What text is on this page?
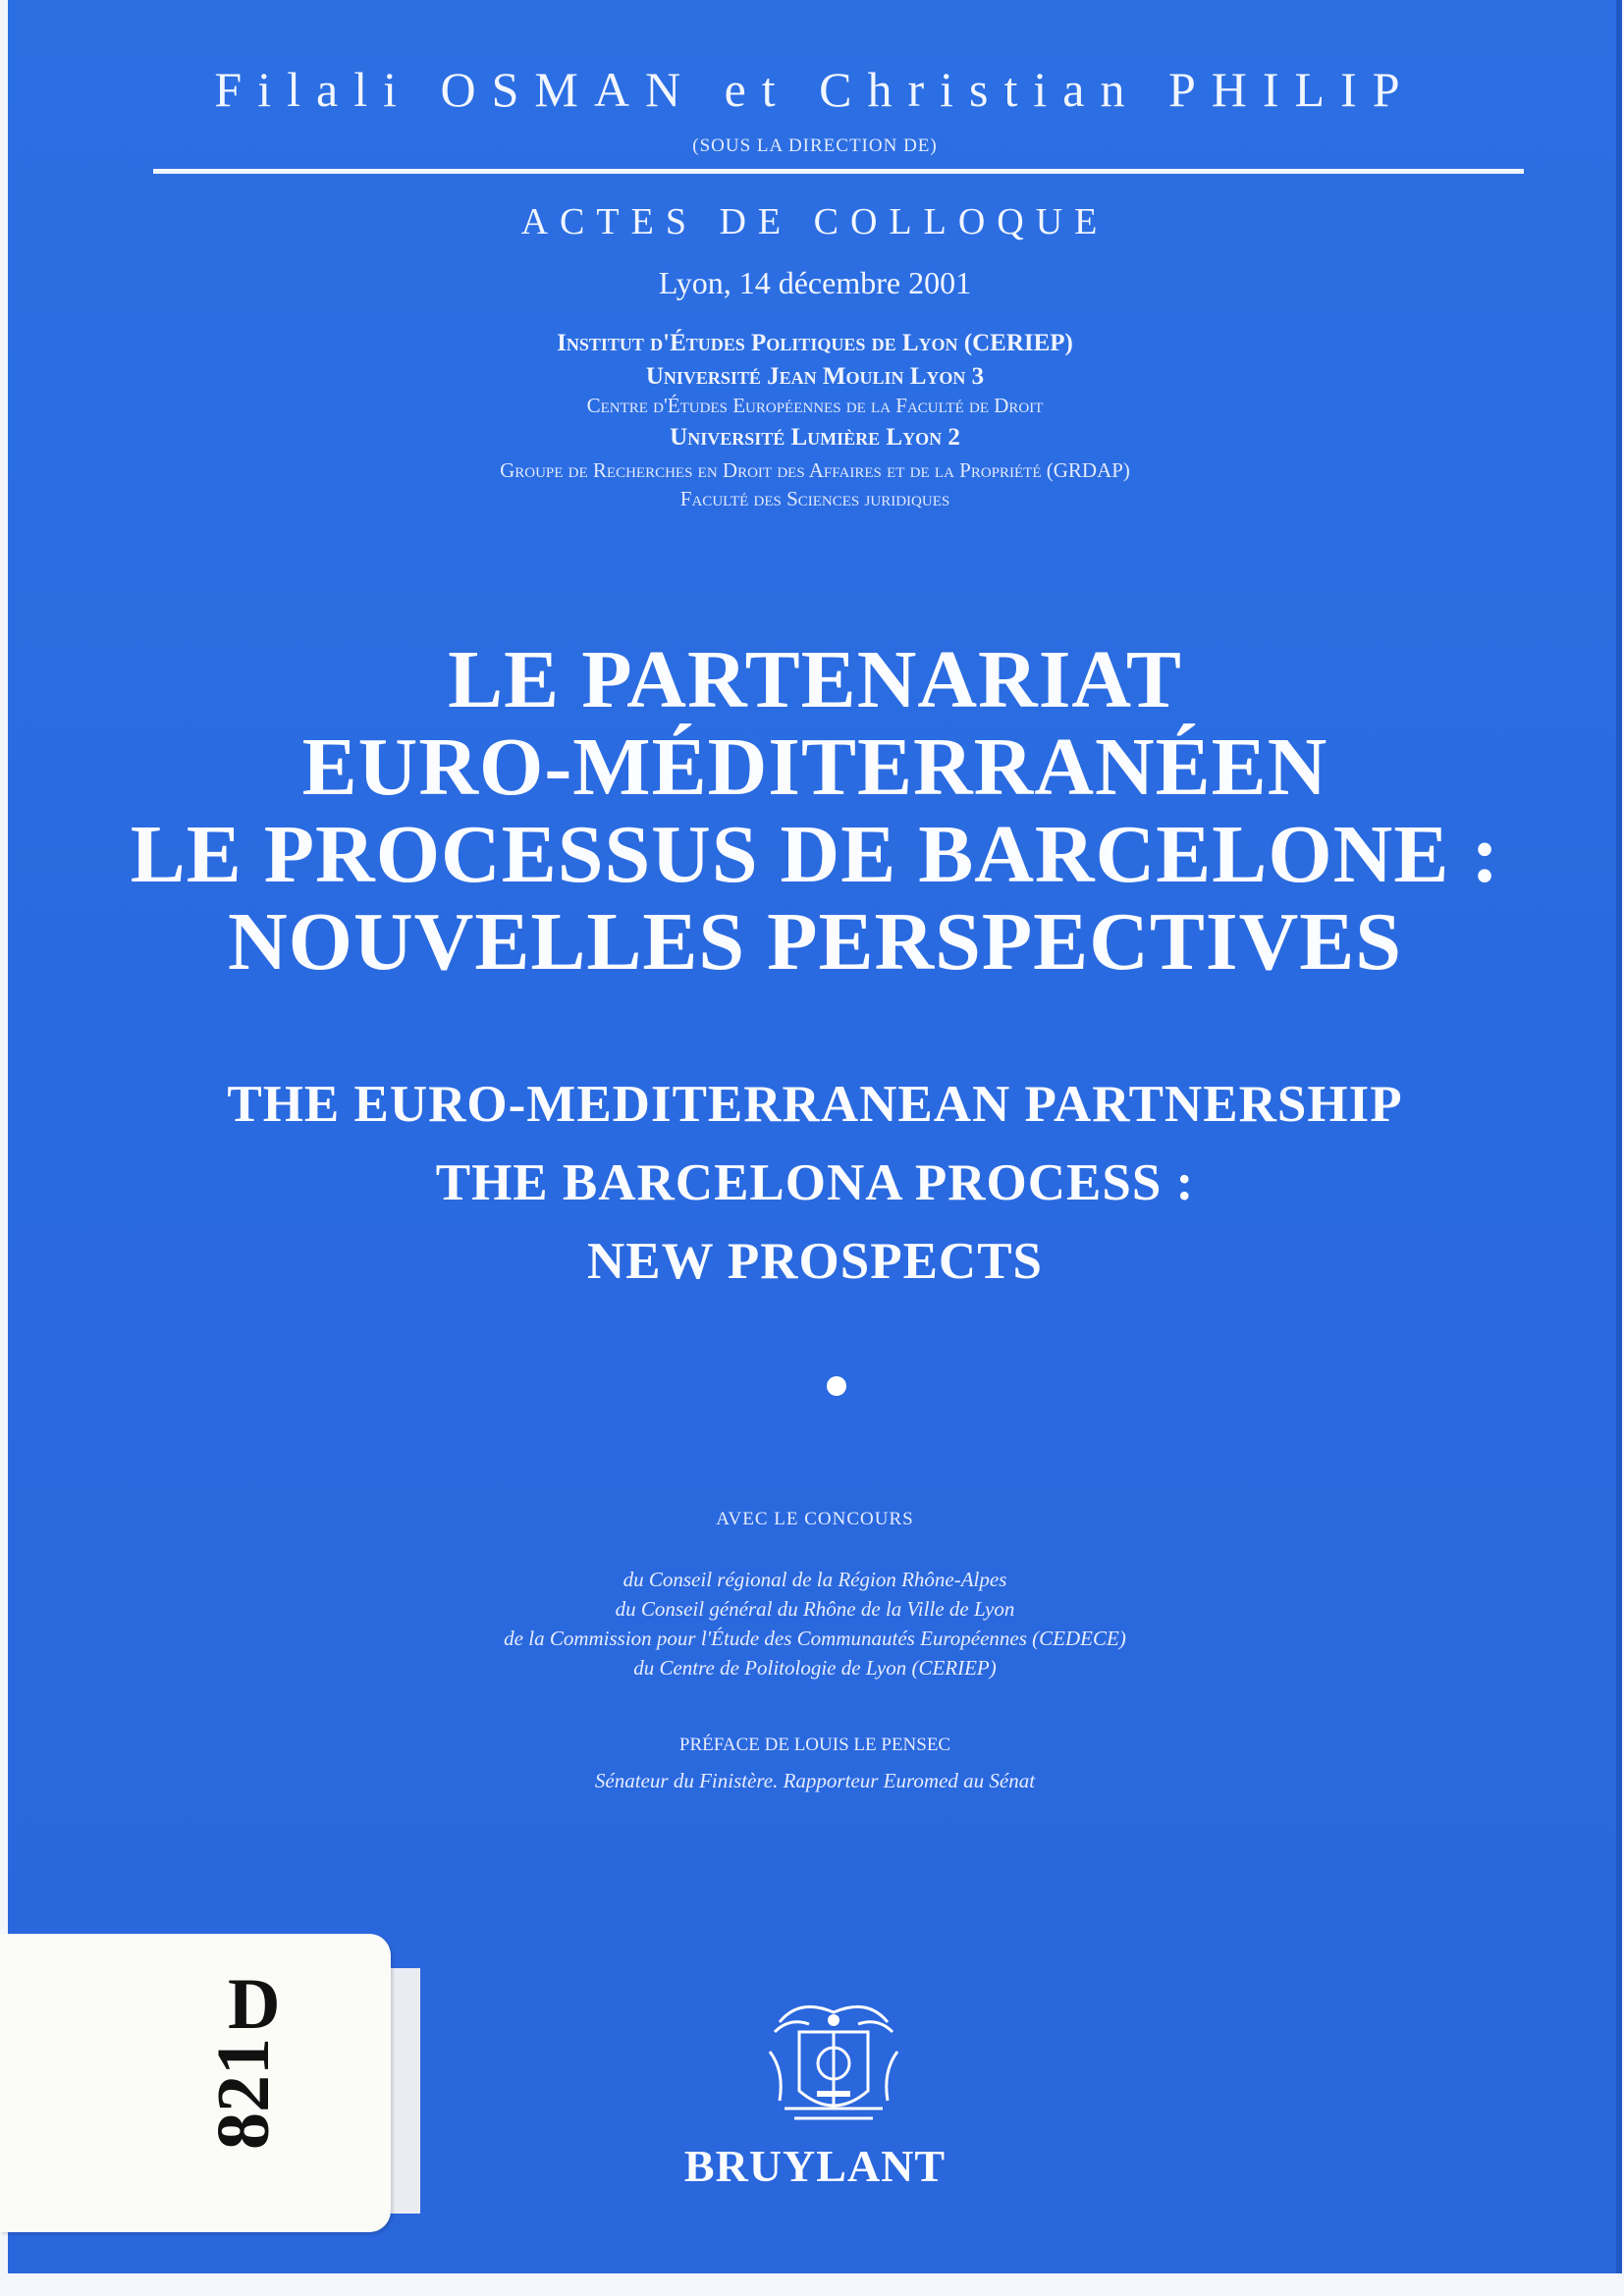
Filali OSMAN et Christian PHILIP
(SOUS LA DIRECTION DE)
ACTES DE COLLOQUE
Lyon, 14 décembre 2001
Institut d'Études Politiques de Lyon (CERIEP)
Université Jean Moulin Lyon 3
Centre d'Études Européennes de la Faculté de Droit
Université Lumière Lyon 2
Groupe de Recherches en Droit des Affaires et de la Propriété (GRDAP)
Faculté des Sciences juridiques
LE PARTENARIAT
EURO-MÉDITERRANÉEN
LE PROCESSUS DE BARCELONE :
NOUVELLES PERSPECTIVES
THE EURO-MEDITERRANEAN PARTNERSHIP
THE BARCELONA PROCESS :
NEW PROSPECTS
AVEC LE CONCOURS
du Conseil régional de la Région Rhône-Alpes
du Conseil général du Rhône de la Ville de Lyon
de la Commission pour l'Étude des Communautés Européennes (CEDECE)
du Centre de Politologie de Lyon (CERIEP)
PRÉFACE DE LOUIS LE PENSEC
Sénateur du Finistère. Rapporteur Euromed au Sénat
BRUYLANT
D
821
